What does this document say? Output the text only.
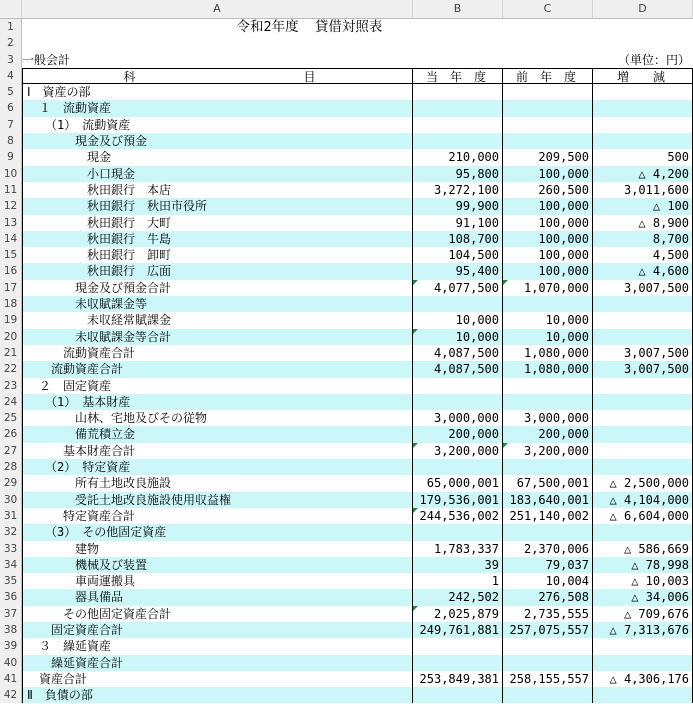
A	B	C	D
1	令和2年度  貸借対照表
2
3 一般会計	（単位：円）
4	科　　　　　　　　　　　　　　目	当　年　度	前　年　度	増　　減
5	Ⅰ　資産の部
6	　１　流動資産
7	　　（1）　流動資産
8	　　　　現金及び預金
9	　　　　　現金	210,000	209,500	500
10 　　　　　小口現金	95,800	100,000	△ 4,200
11 　　　　　秋田銀行　本店	3,272,100	260,500	3,011,600
12 　　　　　秋田銀行　秋田市役所	99,900	100,000	△ 100
13 　　　　　秋田銀行　大町	91,100	100,000	△ 8,900
14 　　　　　秋田銀行　牛島	108,700	100,000	8,700
15 　　　　　秋田銀行　卸町	104,500	100,000	4,500
16 　　　　　秋田銀行　広面	95,400	100,000	△ 4,600
17 　　　　現金及び預金合計	4,077,500	1,070,000	3,007,500
18 　　　　未収賦課金等
19 　　　　　未収経常賦課金	10,000	10,000
20 　　　　未収賦課金等合計	10,000	10,000
21 　　　流動資産合計	4,087,500	1,080,000	3,007,500
22 　　流動資産合計	4,087,500	1,080,000	3,007,500
23 　２　固定資産
24 　　（1）　基本財産
25 　　　　山林、宅地及びその従物	3,000,000	3,000,000
26 　　　　備荒積立金	200,000	200,000
27 　　　基本財産合計	3,200,000	3,200,000
28 　　（2）　特定資産
29 　　　　所有土地改良施設	65,000,001	67,500,001	△ 2,500,000
30 　　　　受託土地改良施設使用収益権	179,536,001 183,640,001	△ 4,104,000
31 　　　特定資産合計	244,536,002 251,140,002	△ 6,604,000
32 　　（3）　その他固定資産
33 　　　　建物	1,783,337	2,370,006	△ 586,669
34 　　　　機械及び装置	39	79,037	△ 78,998
35 　　　　車両運搬具	1	10,004	△ 10,003
36 　　　　器具備品	242,502	276,508	△ 34,006
37 　　　その他固定資産合計	2,025,879	2,735,555	△ 709,676
38 　　固定資産合計	249,761,881 257,075,557	△ 7,313,676
39 　３　繰延資産
40 　　繰延資産合計
41 　資産合計	253,849,381 258,155,557	△ 4,306,176
42 Ⅱ　負債の部
